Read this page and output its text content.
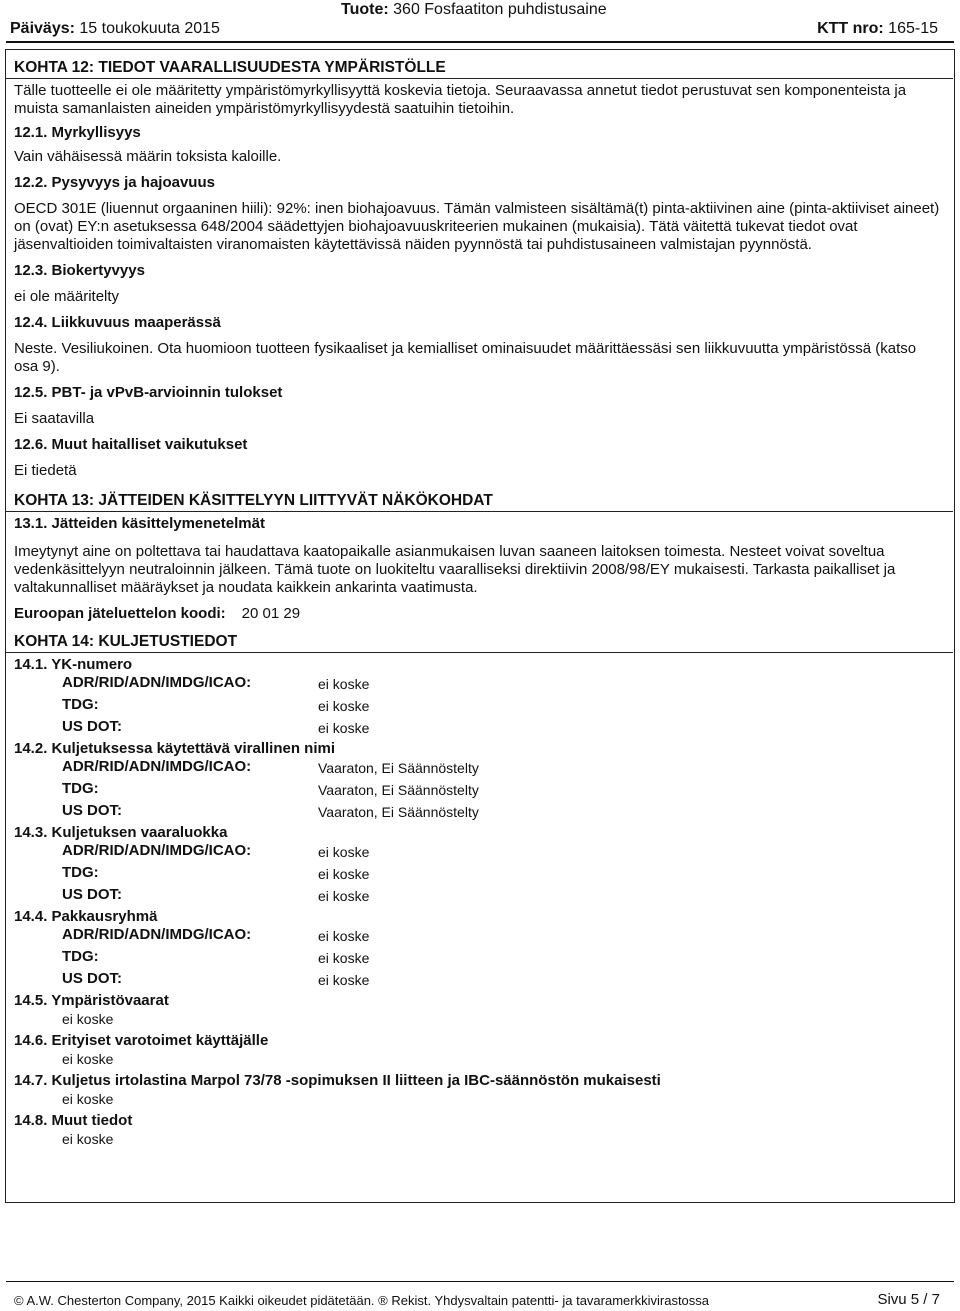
Tuote: 360 Fosfaatiton puhdistusaine
Päiväys: 15 toukokuuta 2015	KTT nro: 165-15
KOHTA 12: TIEDOT VAARALLISUUDESTA YMPÄRISTÖLLE

Tälle tuotteelle ei ole määritetty ympäristömyrkyllisyyttä koskevia tietoja. Seuraavassa annetut tiedot perustuvat sen komponenteista ja muista samanlaisten aineiden ympäristömyrkyllisyydestä saatuihin tietoihin.

12.1. Myrkyllisyys

Vain vähäisessä määrin toksista kaloille.

12.2. Pysyvyys ja hajoavuus

OECD 301E (liuennut orgaaninen hiili): 92%: inen biohajoavuus. Tämän valmisteen sisältämä(t) pinta-aktiivinen aine (pinta-aktiiviset aineet) on (ovat) EY:n asetuksessa 648/2004 säädettyjen biohajoavuuskriteerien mukainen (mukaisia). Tätä väitettä tukevat tiedot ovat jäsenvaltioiden toimivaltaisten viranomaisten käytettävissä näiden pyynnöstä tai puhdistusaineen valmistajan pyynnöstä.

12.3. Biokertyvyys

ei ole määritelty

12.4. Liikkuvuus maaperässä

Neste. Vesiliukoinen. Ota huomioon tuotteen fysikaaliset ja kemialliset ominaisuudet määrittäessäsi sen liikkuvuutta ympäristössä (katso osa 9).

12.5. PBT- ja vPvB-arvioinnin tulokset

Ei saatavilla

12.6. Muut haitalliset vaikutukset

Ei tiedetä

KOHTA 13: JÄTTEIDEN KÄSITTELYYN LIITTYVÄT NÄKÖKOHDAT
13.1. Jätteiden käsittelymenetelmät

Imeytynyt aine on poltettava tai haudattava kaatopaikalle asianmukaisen luvan saaneen laitoksen toimesta. Nesteet voivat soveltua vedenkäsittelyyn neutraloinnin jälkeen. Tämä tuote on luokiteltu vaaralliseksi direktiivin 2008/98/EY mukaisesti. Tarkasta paikalliset ja valtakunnalliset määräykset ja noudata kaikkein ankarinta vaatimusta.

Euroopan jäteluettelon koodi: 20 01 29
KOHTA 14: KULJETUSTIEDOT
14.1. YK-numero
ADR/RID/ADN/IMDG/ICAO:	ei koske
TDG:	ei koske
US DOT:	ei koske
14.2. Kuljetuksessa käytettävä virallinen nimi
ADR/RID/ADN/IMDG/ICAO:	Vaaraton, Ei Säännöstelty
TDG:	Vaaraton, Ei Säännöstelty
US DOT:	Vaaraton, Ei Säännöstelty
14.3. Kuljetuksen vaaraluokka
ADR/RID/ADN/IMDG/ICAO:	ei koske
TDG:	ei koske
US DOT:	ei koske
14.4. Pakkausryhmä
ADR/RID/ADN/IMDG/ICAO:	ei koske
TDG:	ei koske
US DOT:	ei koske
14.5. Ympäristövaarat
ei koske
14.6. Erityiset varotoimet käyttäjälle
ei koske
14.7. Kuljetus irtolastina Marpol 73/78 -sopimuksen II liitteen ja IBC-säännöstön mukaisesti
ei koske
14.8. Muut tiedot
ei koske
© A.W. Chesterton Company, 2015 Kaikki oikeudet pidätetään. ® Rekist. Yhdysvaltain patentti- ja tavaramerkkivirastossa	Sivu 5 / 7
